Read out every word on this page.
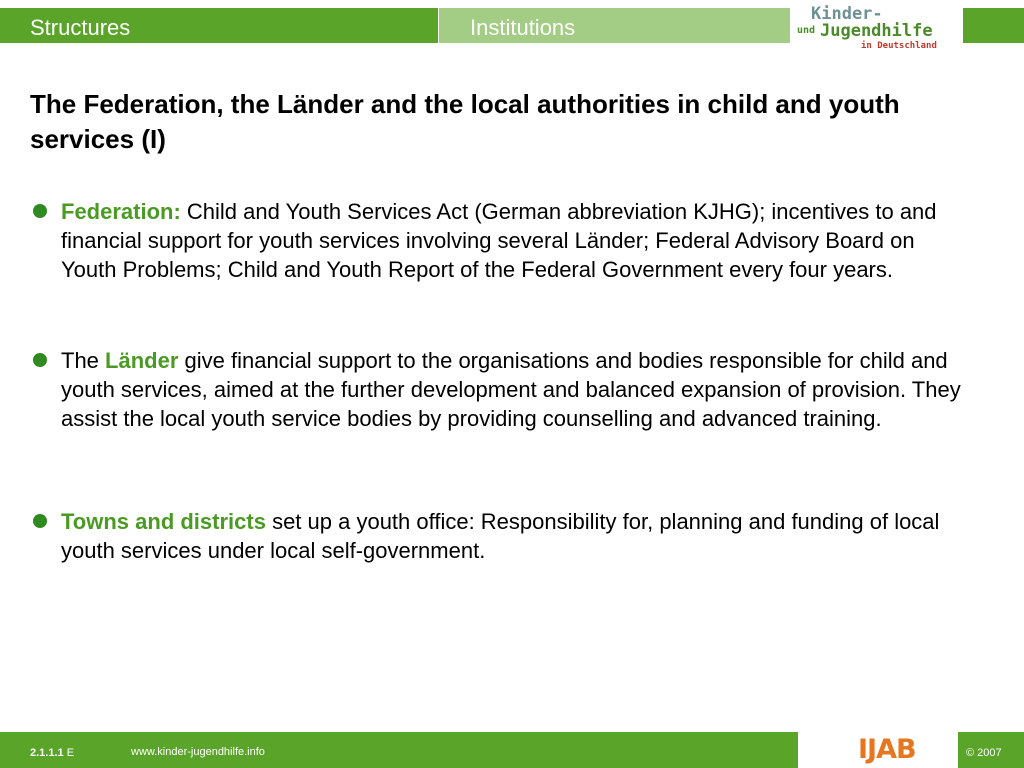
Structures	Institutions
Kinder-
und Jugendhilfe
in Deutschland
The Federation, the Länder and the local authorities in child and youth services (I)

Federation: Child and Youth Services Act (German abbreviation KJHG); incentives to and financial support for youth services involving several Länder; Federal Advisory Board on Youth Problems; Child and Youth Report of the Federal Government every four years.

The Länder give financial support to the organisations and bodies responsible for child and youth services, aimed at the further development and balanced expansion of provision. They assist the local youth service bodies by providing counselling and advanced training.

Towns and districts set up a youth office: Responsibility for, planning and funding of local youth services under local self-government.

2.1.1.1 E	www.kinder-jugendhilfe.info	IJAB	© 2007
